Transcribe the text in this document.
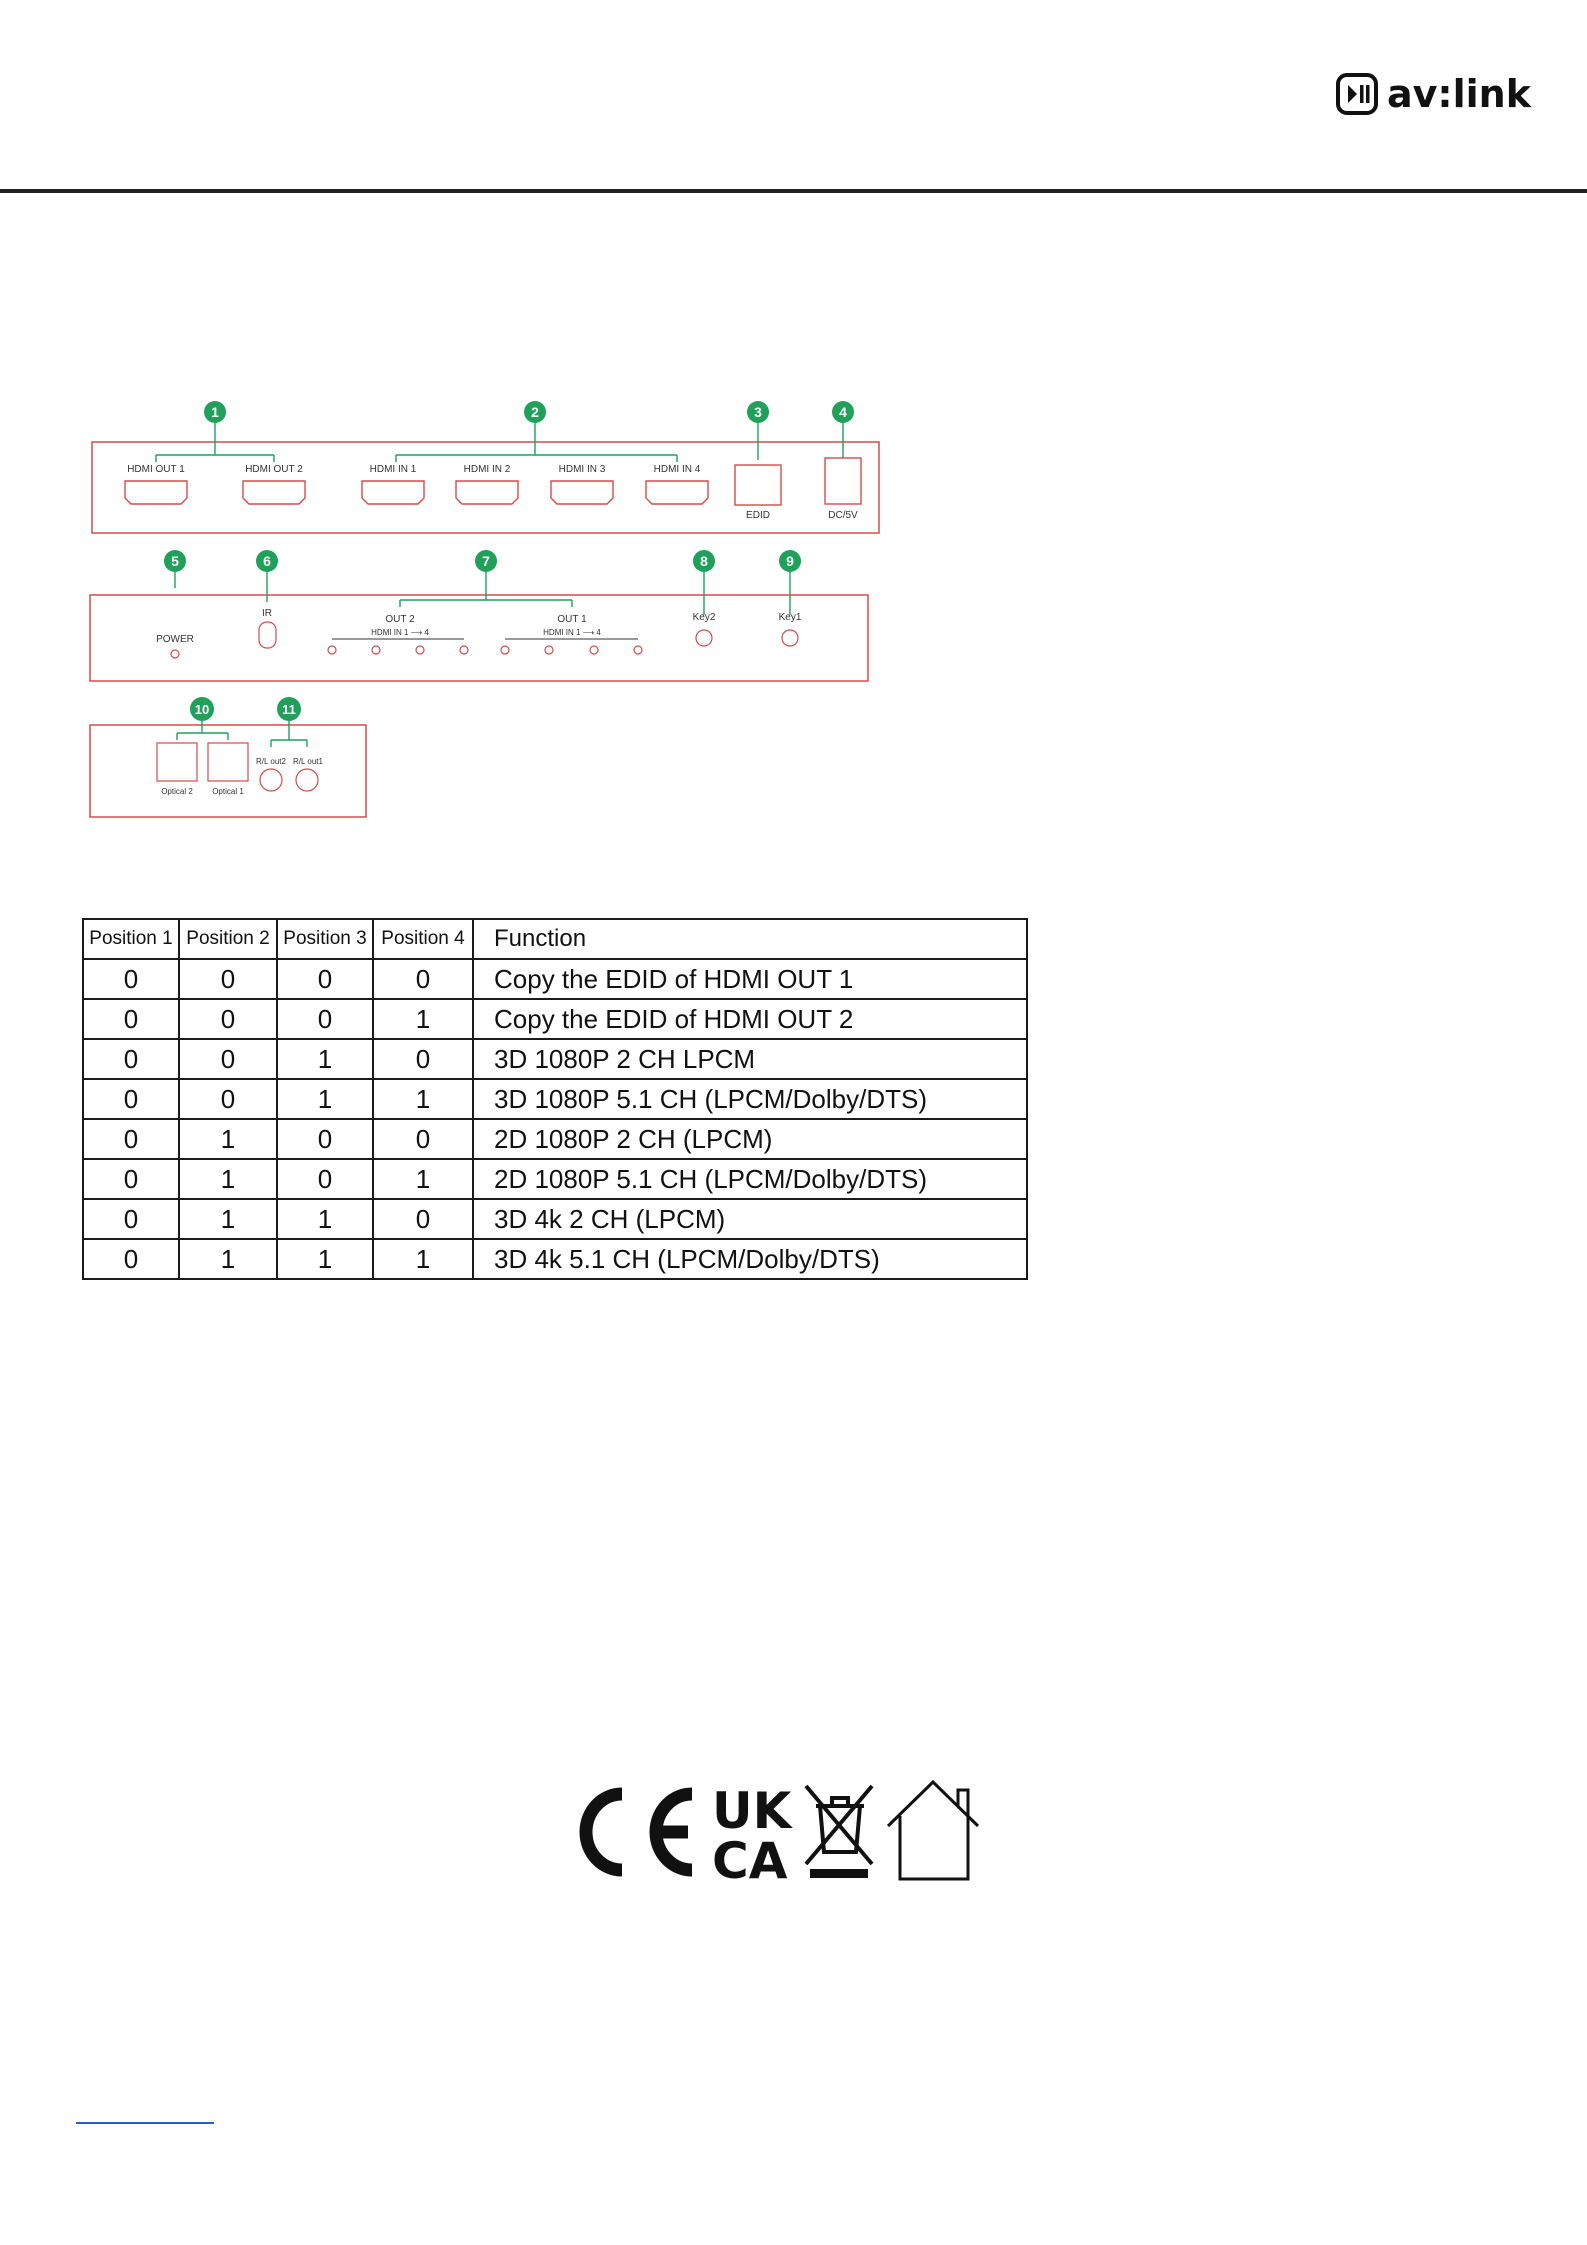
av:link
1	2	3	4
HDMI OUT 1	HDMI OUT 2	HDMI IN 1	HDMI IN 2	HDMI IN 3	HDMI IN 4
EDID	DC/5V
5	6	7	8	9
POWER
IR
OUT 2
HDMI IN 1 ⟶ 4
OUT 1
HDMI IN 1 ⟶ 4
Key2	Key1
10	11
Optical 2 Optical 1
R/L out2 R/L out1
Position 1	Position 2	Position 3	Position 4	Function
0	0	0	0	Copy the EDID of HDMI OUT 1
0	0	0	1	Copy the EDID of HDMI OUT 2
0	0	1	0	3D 1080P 2 CH LPCM
0	0	1	1	3D 1080P 5.1 CH (LPCM/Dolby/DTS)
0	1	0	0	2D 1080P 2 CH (LPCM)
0	1	0	1	2D 1080P 5.1 CH (LPCM/Dolby/DTS)
0	1	1	0	3D 4k 2 CH (LPCM)
0	1	1	1	3D 4k 5.1 CH (LPCM/Dolby/DTS)
UK
CA
